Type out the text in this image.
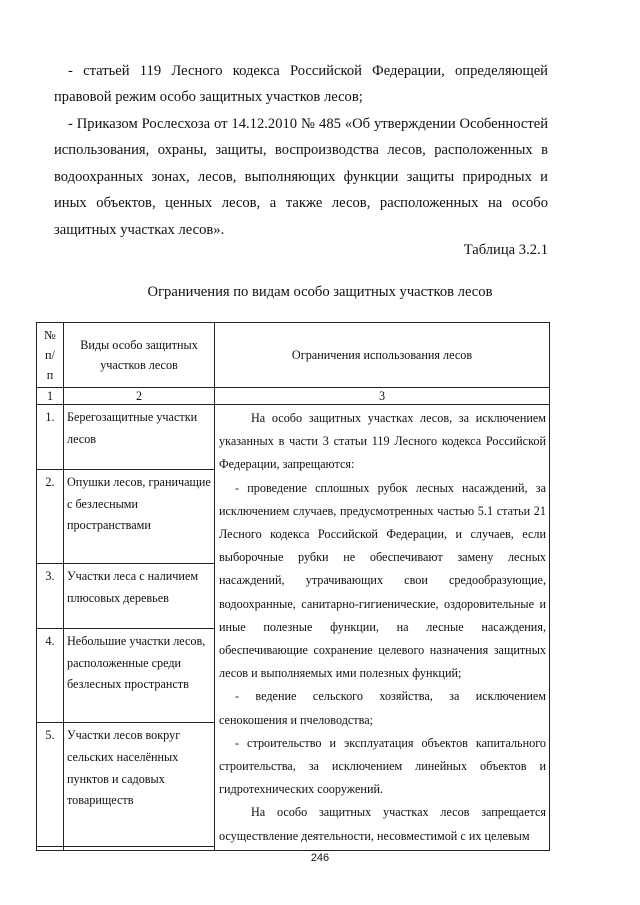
- статьей 119 Лесного кодекса Российской Федерации, определяющей правовой режим особо защитных участков лесов;

- Приказом Рослесхоза от 14.12.2010 № 485 «Об утверждении Особенностей использования, охраны, защиты, воспроизводства лесов, расположенных в водоохранных зонах, лесов, выполняющих функции защиты природных и иных объектов, ценных лесов, а также лесов, расположенных на особо защитных участках лесов».

Таблица 3.2.1
Ограничения по видам особо защитных участков лесов
№ п/п	Виды особо защитных участков лесов	Ограничения использования лесов
1	2	3
1.	Берегозащитные участки лесов	На особо защитных участках лесов, за исключением указанных в части 3 статьи 119 Лесного кодекса Российской Федерации, запрещаются:

- проведение сплошных рубок лесных насаждений, за исключением случаев, предусмотренных частью 5.1 статьи 21 Лесного кодекса Российской Федерации, и случаев, если выборочные рубки не обеспечивают замену лесных насаждений, утрачивающих свои средообразующие, водоохранные, санитарно-гигиенические, оздоровительные и иные полезные функции, на лесные насаждения, обеспечивающие сохранение целевого назначения защитных лесов и выполняемых ими полезных функций;

- ведение сельского хозяйства, за исключением сенокошения и пчеловодства;

- строительство и эксплуатация объектов капитального строительства, за исключением линейных объектов и гидротехнических сооружений.

На особо защитных участках лесов запрещается осуществление деятельности, несовместимой с их целевым

2.	Опушки лесов, граничащие с безлесными пространствами	
3.	Участки леса с наличием плюсовых деревьев	
4.	Небольшие участки лесов, расположенные среди безлесных пространств	
5.	Участки лесов вокруг сельских населённых пунктов и садовых товариществ	

246
